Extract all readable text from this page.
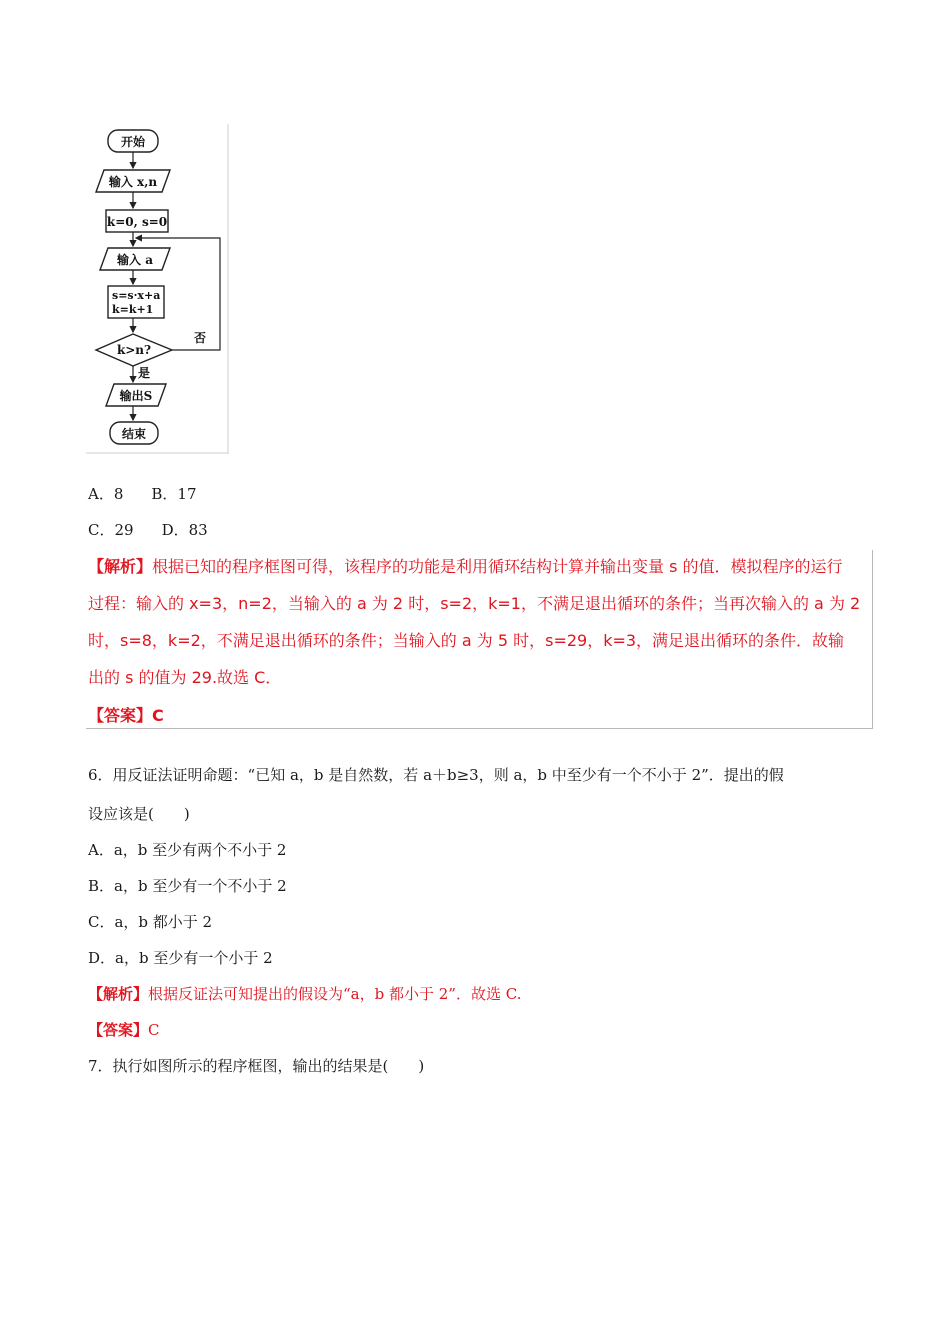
开始
输入 x,n
k=0, s=0
输入 a
s=s·x+a
k=k+1
k>n?
否
是
输出S
结束
A．8 B．17
C．29 D．83
【解析】根据已知的程序框图可得，该程序的功能是利用循环结构计算并输出变量 s 的值．模拟程序的运行
过程：输入的 x=3，n=2，当输入的 a 为 2 时，s=2，k=1，不满足退出循环的条件；当再次输入的 a 为 2
时，s=8，k=2，不满足退出循环的条件；当输入的 a 为 5 时，s=29，k=3，满足退出循环的条件．故输
出的 s 的值为 29.故选 C．
【答案】C
6．用反证法证明命题：“已知 a，b 是自然数，若 a＋b≥3，则 a，b 中至少有一个不小于 2”．提出的假
设应该是(　　)
A．a，b 至少有两个不小于 2
B．a，b 至少有一个不小于 2
C．a，b 都小于 2
D．a，b 至少有一个小于 2
【解析】根据反证法可知提出的假设为“a，b 都小于 2”．故选 C.
【答案】C
7．执行如图所示的程序框图，输出的结果是(　　)
